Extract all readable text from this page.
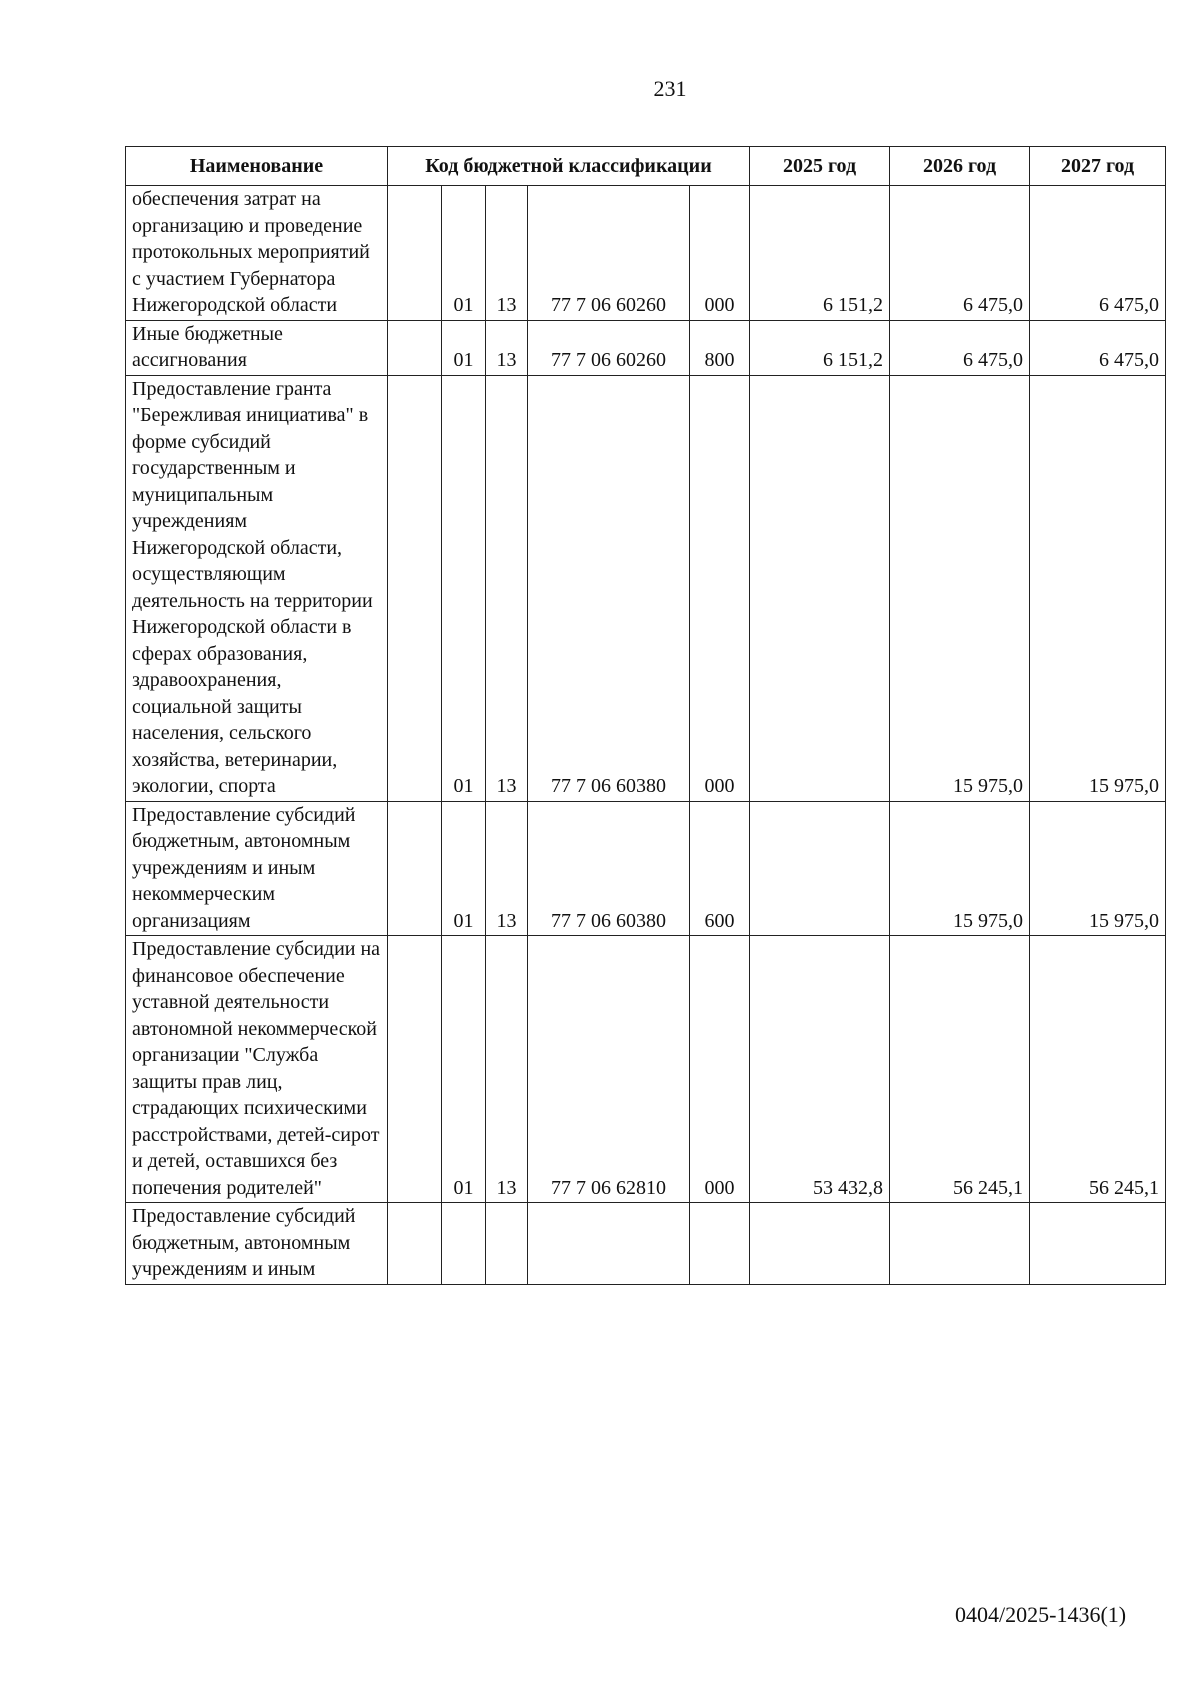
231
Наименование	Код бюджетной классификации					2025 год	2026 год	2027 год
обеспечения затрат на организацию и проведение протокольных мероприятий с участием Губернатора Нижегородской области		01	13	77 7 06 60260	000	6 151,2	6 475,0	6 475,0
Иные бюджетные ассигнования		01	13	77 7 06 60260	800	6 151,2	6 475,0	6 475,0
Предоставление гранта "Бережливая инициатива" в форме субсидий государственным и муниципальным учреждениям Нижегородской области, осуществляющим деятельность на территории Нижегородской области в сферах образования, здравоохранения, социальной защиты населения, сельского хозяйства, ветеринарии, экологии, спорта		01	13	77 7 06 60380	000		15 975,0	15 975,0
Предоставление субсидий бюджетным, автономным учреждениям и иным некоммерческим организациям		01	13	77 7 06 60380	600		15 975,0	15 975,0
Предоставление субсидии на финансовое обеспечение уставной деятельности автономной некоммерческой организации "Служба защиты прав лиц, страдающих психическими расстройствами, детей-сирот и детей, оставшихся без попечения родителей"		01	13	77 7 06 62810	000	53 432,8	56 245,1	56 245,1
Предоставление субсидий бюджетным, автономным учреждениям и иным								
0404/2025-1436(1)
